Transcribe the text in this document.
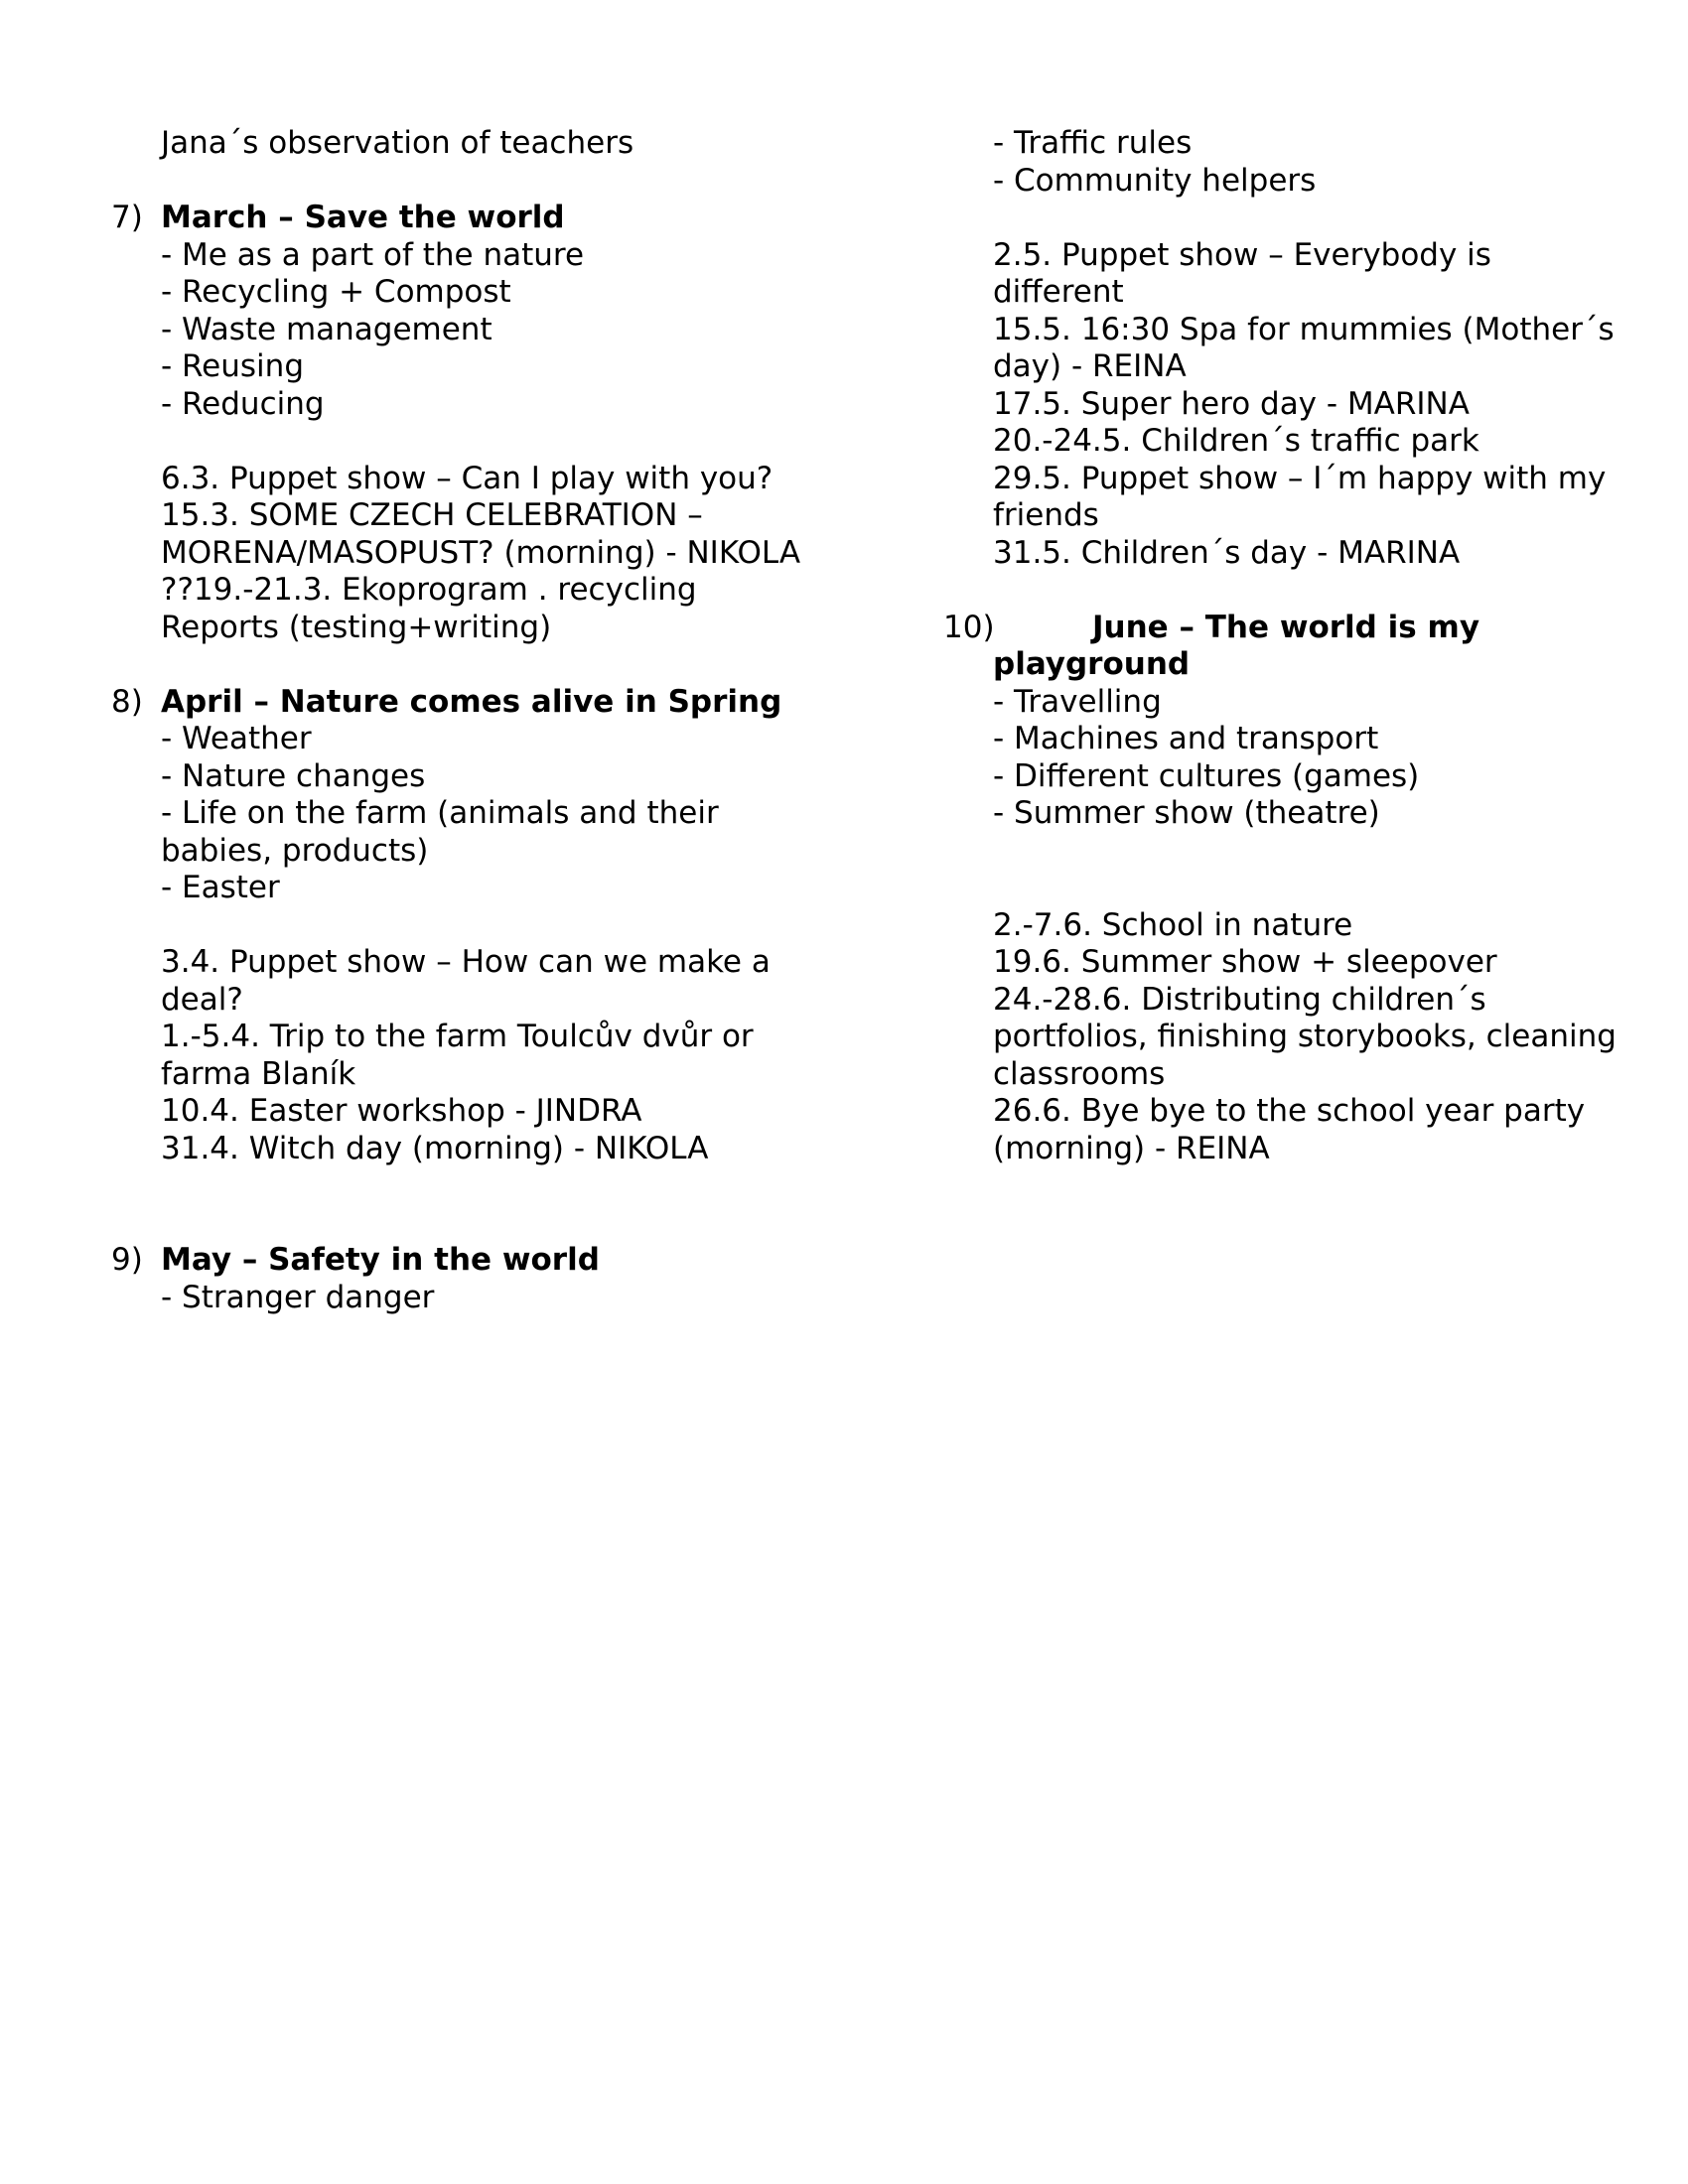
Jana´s observation of teachers

7) March – Save the world

- Me as a part of the nature

- Recycling + Compost

- Waste management

- Reusing

- Reducing

6.3. Puppet show – Can I play with you?

15.3. SOME CZECH CELEBRATION – MORENA/MASOPUST? (morning) - NIKOLA

??19.-21.3. Ekoprogram . recycling

Reports (testing+writing)

8) April – Nature comes alive in Spring

- Weather

- Nature changes

- Life on the farm (animals and their babies, products)

- Easter

3.4. Puppet show – How can we make a deal?

1.-5.4. Trip to the farm Toulcův dvůr or farma Blaník

10.4. Easter workshop - JINDRA

31.4. Witch day (morning) - NIKOLA

9) May – Safety in the world

- Stranger danger

- Traffic rules

- Community helpers

2.5. Puppet show – Everybody is different

15.5. 16:30 Spa for mummies (Mother´s day) - REINA

17.5. Super hero day - MARINA

20.-24.5. Children´s traffic park

29.5. Puppet show – I´m happy with my friends

31.5. Children´s day - MARINA

10)	June – The world is my playground

- Travelling

- Machines and transport

- Different cultures (games)

- Summer show (theatre)

2.-7.6. School in nature

19.6. Summer show + sleepover

24.-28.6. Distributing children´s portfolios, finishing storybooks, cleaning classrooms

26.6. Bye bye to the school year party (morning) - REINA
